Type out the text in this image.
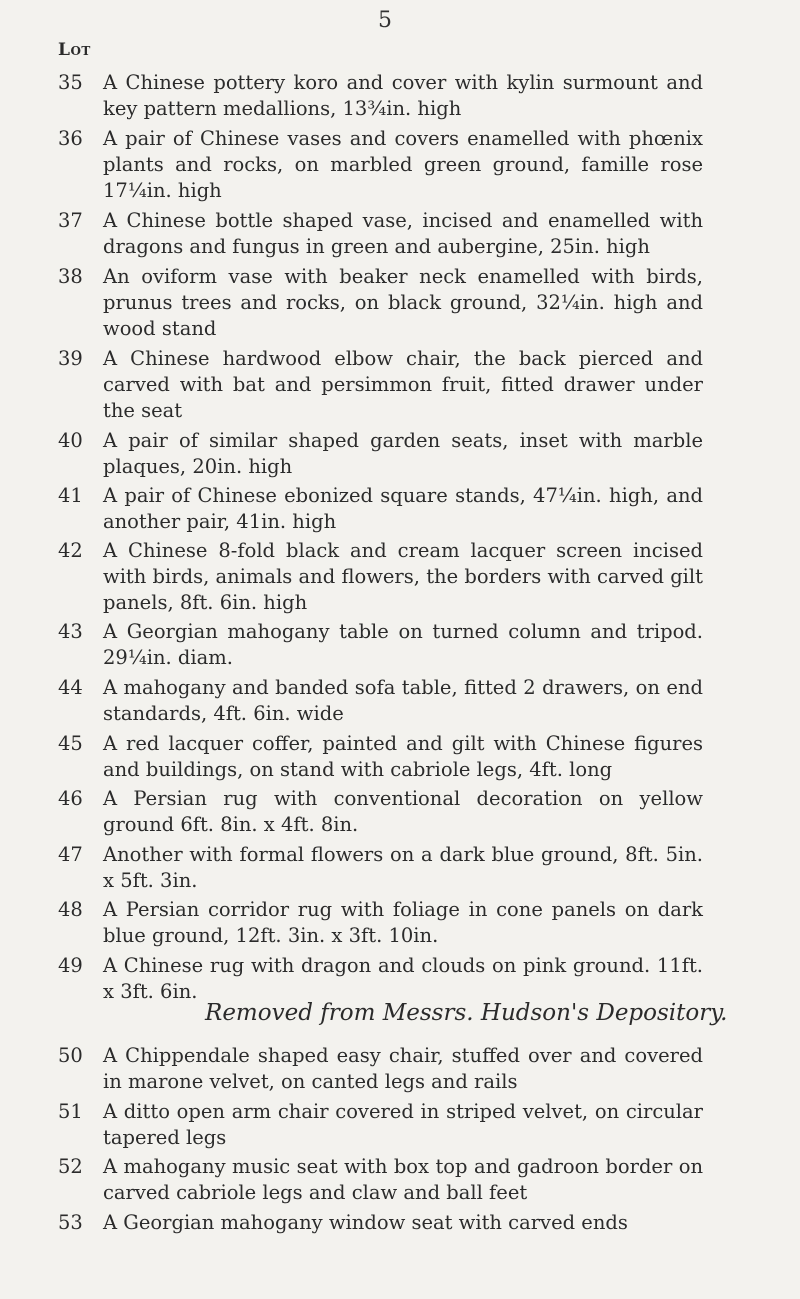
5
Lot
35	A Chinese pottery koro and cover with kylin surmount and key pattern medallions, 13¾in. high
36	A pair of Chinese vases and covers enamelled with phœnix plants and rocks, on marbled green ground, famille rose 17¼in. high
37	A Chinese bottle shaped vase, incised and enamelled with dragons and fungus in green and aubergine, 25in. high
38	An oviform vase with beaker neck enamelled with birds, prunus trees and rocks, on black ground, 32¼in. high and wood stand
39	A Chinese hardwood elbow chair, the back pierced and carved with bat and persimmon fruit, fitted drawer under the seat
40	A pair of similar shaped garden seats, inset with marble plaques, 20in. high
41	A pair of Chinese ebonized square stands, 47¼in. high, and another pair, 41in. high
42	A Chinese 8-fold black and cream lacquer screen incised with birds, animals and flowers, the borders with carved gilt panels, 8ft. 6in. high
43	A Georgian mahogany table on turned column and tripod. 29¼in. diam.
44	A mahogany and banded sofa table, fitted 2 drawers, on end standards, 4ft. 6in. wide
45	A red lacquer coffer, painted and gilt with Chinese figures and buildings, on stand with cabriole legs, 4ft. long
46	A Persian rug with conventional decoration on yellow ground 6ft. 8in. x 4ft. 8in.
47	Another with formal flowers on a dark blue ground, 8ft. 5in. x 5ft. 3in.
48	A Persian corridor rug with foliage in cone panels on dark blue ground, 12ft. 3in. x 3ft. 10in.
49	A Chinese rug with dragon and clouds on pink ground. 11ft. x 3ft. 6in.
Removed from Messrs. Hudson's Depository.
50	A Chippendale shaped easy chair, stuffed over and covered in marone velvet, on canted legs and rails
51	A ditto open arm chair covered in striped velvet, on circular tapered legs
52	A mahogany music seat with box top and gadroon border on carved cabriole legs and claw and ball feet
53	A Georgian mahogany window seat with carved ends
